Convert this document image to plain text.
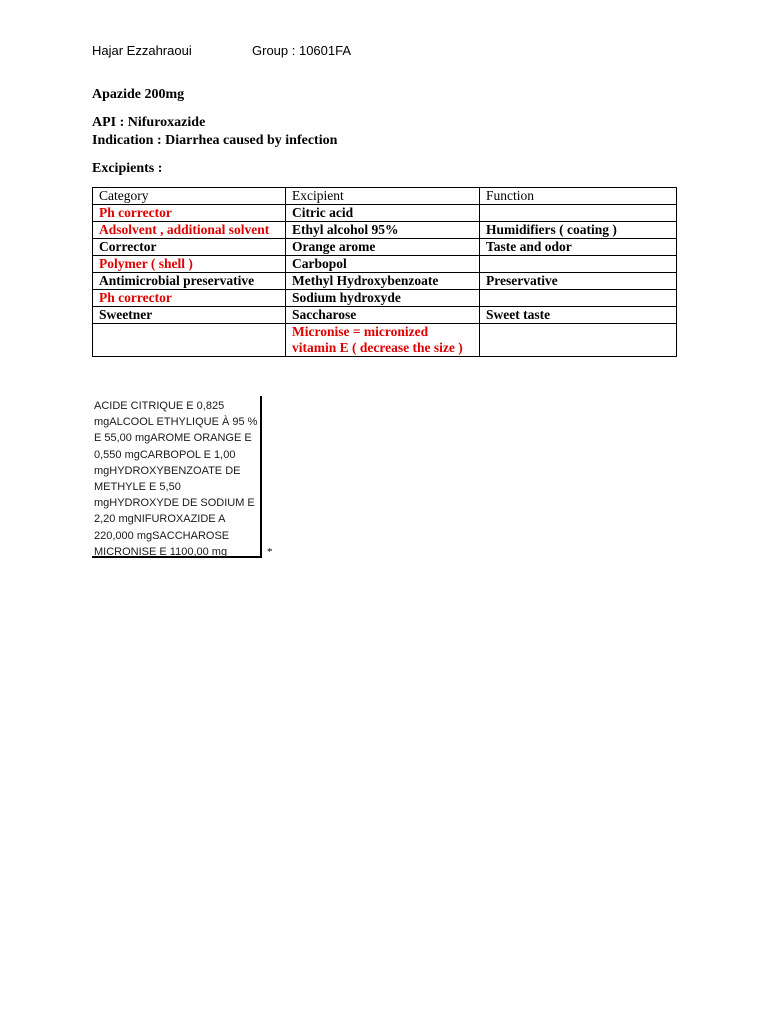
Hajar Ezzahraoui	Group : 10601FA
Apazide 200mg
API : Nifuroxazide
Indication : Diarrhea caused by infection
Excipients :
Category	Excipient	Function
Ph corrector	Citric acid	
Adsolvent , additional solvent	Ethyl alcohol 95%	Humidifiers ( coating )
Corrector	Orange arome	Taste and odor
Polymer ( shell )	Carbopol	
Antimicrobial preservative	Methyl Hydroxybenzoate	Preservative
Ph corrector	Sodium hydroxyde	
Sweetner	Saccharose	Sweet taste
	Micronise = micronized vitamin E ( decrease the size )	
ACIDE CITRIQUE E 0,825
mgALCOOL ETHYLIQUE À 95 %
E 55,00 mgAROME ORANGE E
0,550 mgCARBOPOL E 1,00
mgHYDROXYBENZOATE DE
METHYLE E 5,50
mgHYDROXYDE DE SODIUM E
2,20 mgNIFUROXAZIDE A
220,000 mgSACCHAROSE
MICRONISE E 1100,00 mg	*
